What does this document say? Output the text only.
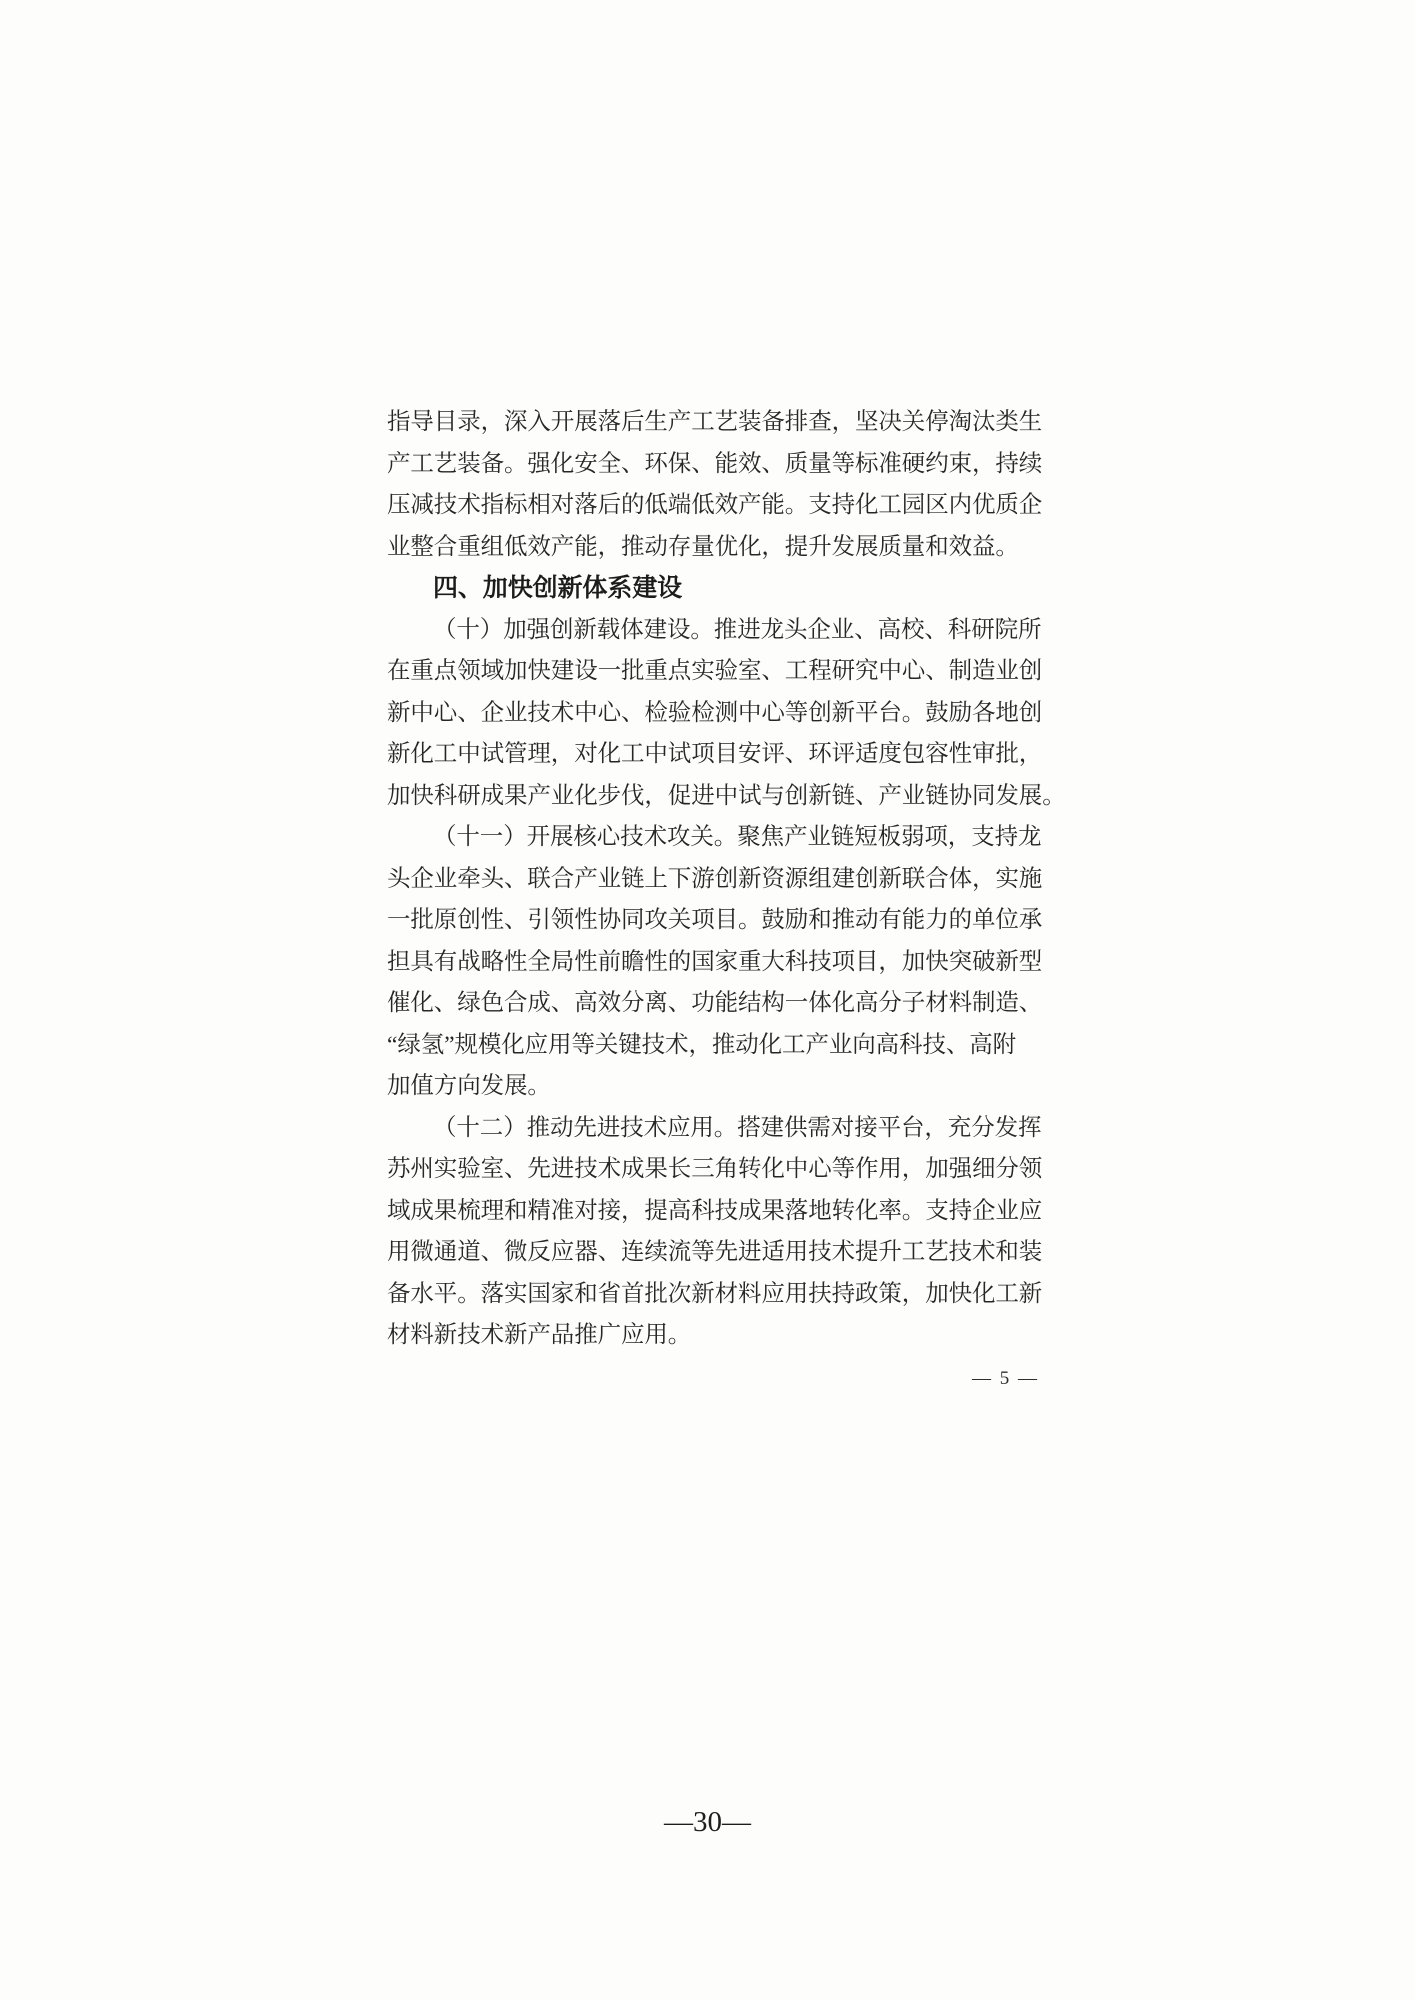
指导目录，深入开展落后生产工艺装备排查，坚决关停淘汰类生
产工艺装备。强化安全、环保、能效、质量等标准硬约束，持续
压减技术指标相对落后的低端低效产能。支持化工园区内优质企
业整合重组低效产能，推动存量优化，提升发展质量和效益。
四、加快创新体系建设
（十）加强创新载体建设。推进龙头企业、高校、科研院所
在重点领域加快建设一批重点实验室、工程研究中心、制造业创
新中心、企业技术中心、检验检测中心等创新平台。鼓励各地创
新化工中试管理，对化工中试项目安评、环评适度包容性审批，
加快科研成果产业化步伐，促进中试与创新链、产业链协同发展。
（十一）开展核心技术攻关。聚焦产业链短板弱项，支持龙
头企业牵头、联合产业链上下游创新资源组建创新联合体，实施
一批原创性、引领性协同攻关项目。鼓励和推动有能力的单位承
担具有战略性全局性前瞻性的国家重大科技项目，加快突破新型
催化、绿色合成、高效分离、功能结构一体化高分子材料制造、
“绿氢”规模化应用等关键技术，推动化工产业向高科技、高附
加值方向发展。
（十二）推动先进技术应用。搭建供需对接平台，充分发挥
苏州实验室、先进技术成果长三角转化中心等作用，加强细分领
域成果梳理和精准对接，提高科技成果落地转化率。支持企业应
用微通道、微反应器、连续流等先进适用技术提升工艺技术和装
备水平。落实国家和省首批次新材料应用扶持政策，加快化工新
材料新技术新产品推广应用。
— 5 —
—30—
